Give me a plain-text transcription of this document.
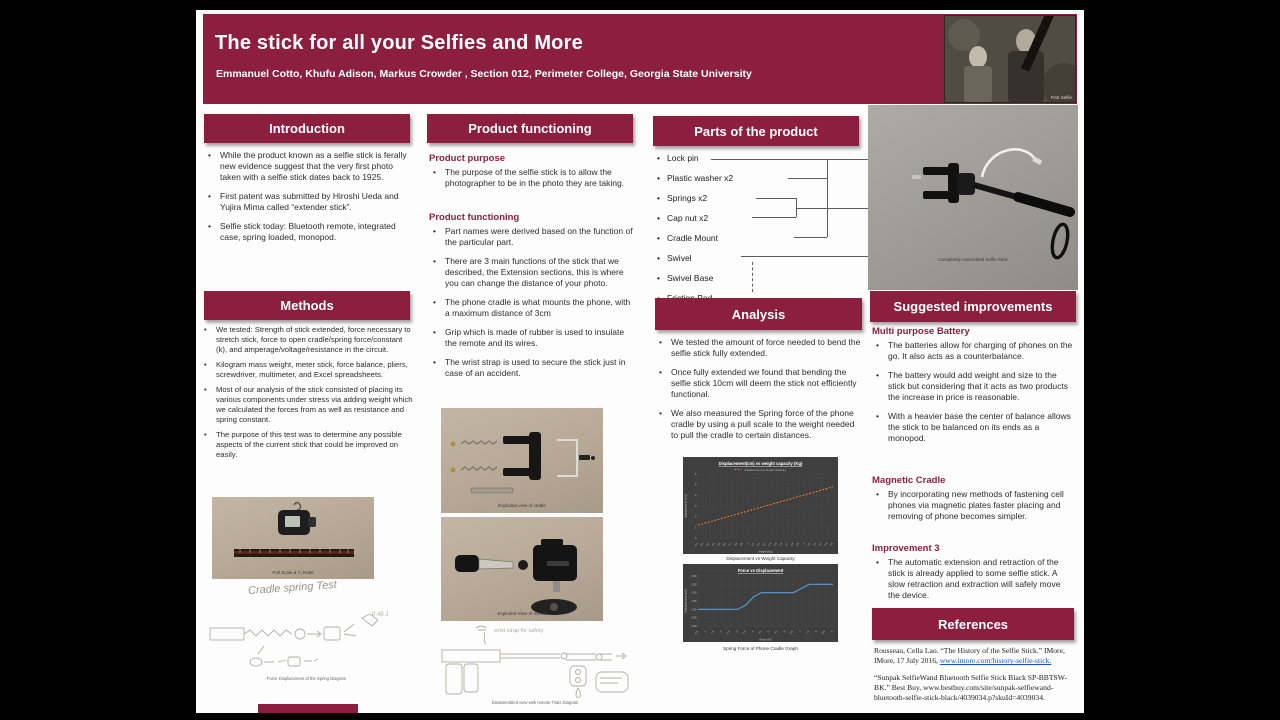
The stick for all your Selfies and More
Emmanuel Cotto, Khufu Adison, Markus Crowder , Section 012, Perimeter College, Georgia State University
First Selfie
Introduction
• While the product known as a selfie stick is ferally new evidence suggest that the very first photo taken with a selfie stick dates back to 1925.
• First patent was submitted by Hiroshi Ueda and Yujira Mima called “extender stick”.
• Selfie stick today: Bluetooth remote, integrated case, spring loaded, monopod.
Methods
• We tested: Strength of stick extended, force necessary to stretch stick, force to open cradle/spring force/constant (k), and amperage/voltage/resistance in the circuit.
• Kilogram mass weight, meter stick, force balance, pliers, screwdriver, multimeter, and Excel spreadsheets.
• Most of our analysis of the stick consisted of placing its various components under stress via adding weight which we calculated the forces from as well as resistance and spring constant.
• The purpose of this test was to determine any possible aspects of the current stick that could be improved on easily.
Pull Scale & ½ Ruler
Cradle spring Test
0.48 J
Force Displacement of the Spring Diagram
Product functioning
Product purpose
• The purpose of the selfie stick is to allow the photographer to be in the photo they are taking.
Product functioning
• Part names were derived based on the function of the particular part.
• There are 3 main functions of the stick that we described, the Extension sections, this is where you can change the distance of your photo.
• The phone cradle is what mounts the phone, with a maximum distance of 3cm
• Grip which is made of rubber is used to insulate the remote and its wires.
• The wrist strap is used to secure the stick just in case of an accident.
Exploded view of cradle
Exploded View of Swivel
wrist strap for safety
Disassembled view with remote Trials Diagram
Parts of the product
• Lock pin
• Plastic washer x2
• Springs x2
• Cap nut x2
• Cradle Mount
• Swivel
• Swivel Base
•
Analysis
• We tested the amount of force needed to bend the selfie stick fully extended.
• Once fully extended we found that bending the selfie stick 10cm will deem the stick not efficiently functional.
• We also measured the Spring force of the phone cradle by using a pull scale to the weight needed to pull the cradle to certain distances.
Displacement(cm) vs weight capacity (Kg)
displacement vs weight capacity
0
1
2
3
4
5
6
0.1 0.2 0.3 0.4 0.5 0.6 0.7 0.8 0.9 1 1.1 1.2 1.3 1.4 1.5 1.6 1.7 1.8 1.9 2 2.1 2.2 2.3 2.4 2.5
weight (Kg)
displacement (cm)
Displacement vs Weight Capacity
Force vs Displacement
0.00
0.50
1.00
1.50
2.00
2.50
3.00
0.5 1 1.5 2 2.5 3 3.5 4 4.5 5 5.5 6 6.5 7 7.5 8 8.5 9
Force (N)
Displacement (cm)
Spring Force of Phone Cradle Graph
Completely Assembled Selfie Stick
Suggested improvements
Multi purpose Battery
• The batteries allow for charging of phones on the go. It also acts as a counterbalance.
• The battery would add weight and size to the stick but considering that it acts as two products the increase in price is reasonable.
• With a heavier base the center of balance allows the stick to be balanced on its ends as a monopod.
Magnetic Cradle
• By incorporating new methods of fastening cell phones via magnetic plates faster placing and removing of phone becomes simpler.
Improvement 3
• The automatic extension and retraction of the stick is already applied to some selfie stick. A slow retraction and extraction will safely move the device.
References

Rousseau, Cella Lao. “The History of the Selfie Stick.” IMore, IMore, 17 July 2016, www.imore.com/history-selfie-stick.

“Sunpak SelfieWand Bluetooth Selfie Stick Black SP-BBTSW-BK.” Best Buy, www.bestbuy.com/site/sunpak-selfiewand-bluetooth-selfie-stick-black/4039034.p?skuId=4039034.
